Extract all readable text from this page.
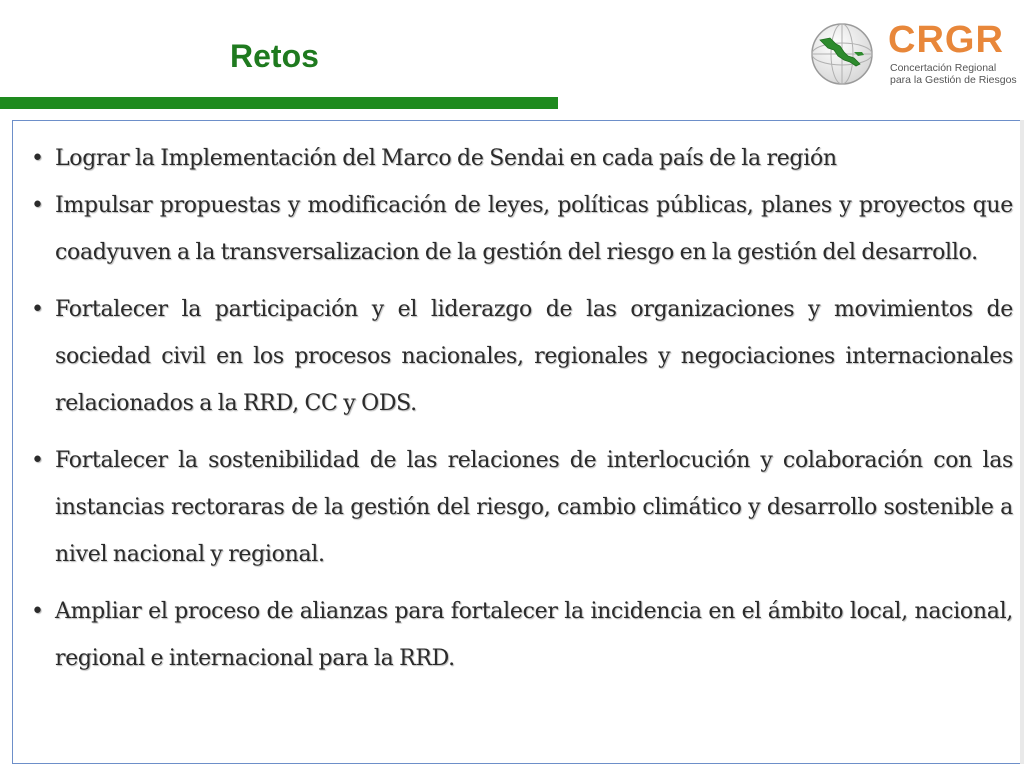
Retos	CRGR
Concertación Regional
para la Gestión de Riesgos
• Lograr la Implementación del Marco de Sendai en cada país de la región
• Impulsar propuestas y modificación de leyes, políticas públicas, planes y proyectos que coadyuven a la transversalizacion de la gestión del riesgo en la gestión del desarrollo.
• Fortalecer la participación y el liderazgo de las organizaciones y movimientos de sociedad civil en los procesos nacionales, regionales y negociaciones internacionales relacionados a la RRD, CC y ODS.
• Fortalecer la sostenibilidad de las relaciones de interlocución y colaboración con las instancias rectoraras de la gestión del riesgo, cambio climático y desarrollo sostenible a nivel nacional y regional.
• Ampliar el proceso de alianzas para fortalecer la incidencia en el ámbito local, nacional, regional e internacional para la RRD.
